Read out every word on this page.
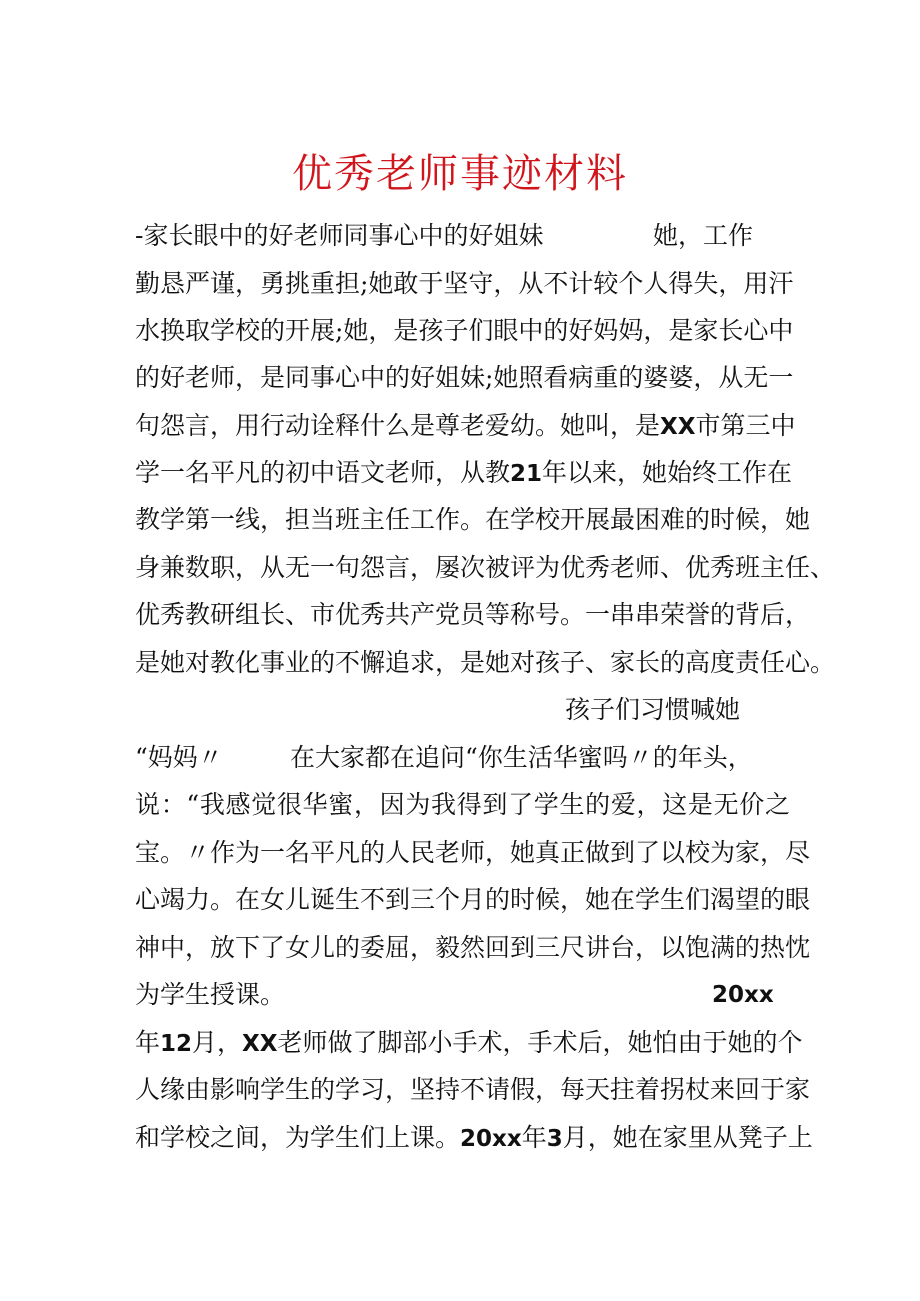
优秀老师事迹材料
-家长眼中的好老师同事心中的好姐妹	她，工作
勤恳严谨，勇挑重担;她敢于坚守，从不计较个人得失，用汗
水换取学校的开展;她，是孩子们眼中的好妈妈，是家长心中
的好老师，是同事心中的好姐妹;她照看病重的婆婆，从无一
句怨言，用行动诠释什么是尊老爱幼。她叫，是XX市第三中
学一名平凡的初中语文老师，从教21年以来，她始终工作在
教学第一线，担当班主任工作。在学校开展最困难的时候，她
身兼数职，从无一句怨言，屡次被评为优秀老师、优秀班主任、
优秀教研组长、市优秀共产党员等称号。一串串荣誉的背后，
是她对教化事业的不懈追求，是她对孩子、家长的高度责任心。
孩子们习惯喊她
“妈妈〃	在大家都在追问“你生活华蜜吗〃的年头，
说：“我感觉很华蜜，因为我得到了学生的爱，这是无价之
宝。〃作为一名平凡的人民老师，她真正做到了以校为家，尽
心竭力。在女儿诞生不到三个月的时候，她在学生们渴望的眼
神中，放下了女儿的委屈，毅然回到三尺讲台，以饱满的热忱
为学生授课。	20xx
年12月，XX老师做了脚部小手术，手术后，她怕由于她的个
人缘由影响学生的学习，坚持不请假，每天拄着拐杖来回于家
和学校之间，为学生们上课。20xx年3月，她在家里从凳子上
